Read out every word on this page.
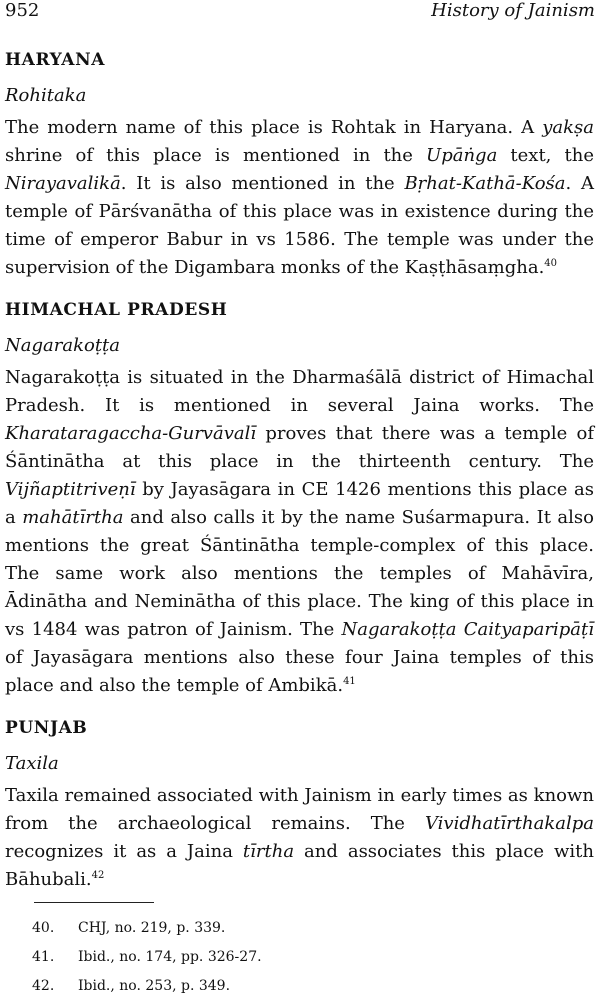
952	History of Jainism
HARYANA
Rohitaka

The modern name of this place is Rohtak in Haryana. A yakṣa shrine of this place is mentioned in the Upāṅga text, the Nirayavalikā. It is also mentioned in the Bṛhat-Kathā-Kośa. A temple of Pārśvanātha of this place was in existence during the time of emperor Babur in vs 1586. The temple was under the supervision of the Digambara monks of the Kaṣṭhāsaṃgha.$^{40}$

HIMACHAL PRADESH
Nagarakoṭṭa

Nagarakoṭṭa is situated in the Dharmaśālā district of Himachal Pradesh. It is mentioned in several Jaina works. The Kharataragaccha-Gurvāvalī proves that there was a temple of Śāntinātha at this place in the thirteenth century. The Vijñaptitriveṇī by Jayasāgara in CE 1426 mentions this place as a mahātīrtha and also calls it by the name Suśarmapura. It also mentions the great Śāntinātha temple-complex of this place. The same work also mentions the temples of Mahāvīra, Ādinātha and Neminātha of this place. The king of this place in vs 1484 was patron of Jainism. The Nagarakoṭṭa Caityaparipāṭī of Jayasāgara mentions also these four Jaina temples of this place and also the temple of Ambikā.$^{41}$

PUNJAB
Taxila

Taxila remained associated with Jainism in early times as known from the archaeological remains. The Vividhatīrthakalpa recognizes it as a Jaina tīrtha and associates this place with Bāhubali.$^{42}$

40.	CHJ, no. 219, p. 339.
41.	Ibid., no. 174, pp. 326-27.
42.	Ibid., no. 253, p. 349.
